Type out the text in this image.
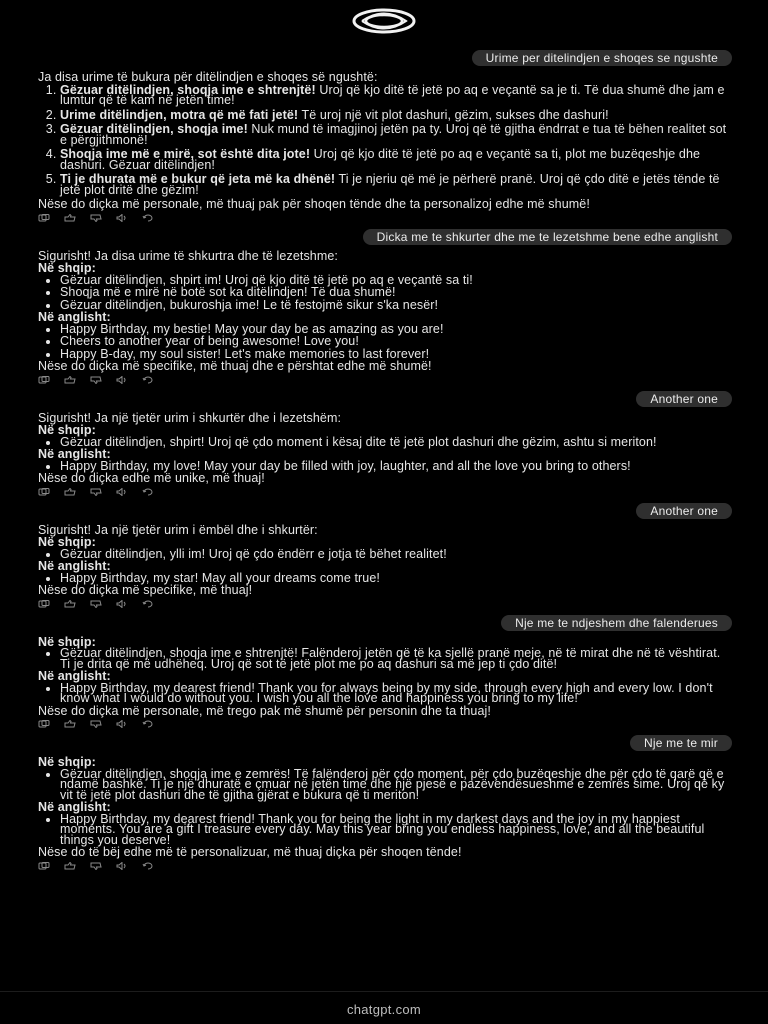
Urime per ditelindjen e shoqes se ngushte

Ja disa urime të bukura për ditëlindjen e shoqes së ngushtë:

1. Gëzuar ditëlindjen, shoqja ime e shtrenjtë! Uroj që kjo ditë të jetë po aq e veçantë sa je ti. Të dua shumë dhe jam e lumtur që të kam në jetën time!
2. Urime ditëlindjen, motra që më fati jetë! Të uroj një vit plot dashuri, gëzim, sukses dhe dashuri!
3. Gëzuar ditëlindjen, shoqja ime! Nuk mund të imagjinoj jetën pa ty. Uroj që të gjitha ëndrrat e tua të bëhen realitet sot e përgjithmonë!
4. Shoqja ime më e mirë, sot është dita jote! Uroj që kjo ditë të jetë po aq e veçantë sa ti, plot me buzëqeshje dhe dashuri. Gëzuar ditëlindjen!
5. Ti je dhurata më e bukur që jeta më ka dhënë! Ti je njeriu që më je përherë pranë. Uroj që çdo ditë e jetës tënde të jetë plot dritë dhe gëzim!

Nëse do diçka më personale, më thuaj pak për shoqen tënde dhe ta personalizoj edhe më shumë!

Dicka me te shkurter dhe me te lezetshme bene edhe anglisht

Sigurisht! Ja disa urime të shkurtra dhe të lezetshme:

Në shqip:
• Gëzuar ditëlindjen, shpirt im! Uroj që kjo ditë të jetë po aq e veçantë sa ti!
• Shoqja më e mirë në botë sot ka ditëlindjen! Të dua shumë!
• Gëzuar ditëlindjen, bukuroshja ime! Le të festojmë sikur s'ka nesër!
Në anglisht:
• Happy Birthday, my bestie! May your day be as amazing as you are!
• Cheers to another year of being awesome! Love you!
• Happy B-day, my soul sister! Let's make memories to last forever!

Nëse do diçka më specifike, më thuaj dhe e përshtat edhe më shumë!

Another one

Sigurisht! Ja një tjetër urim i shkurtër dhe i lezetshëm:

Në shqip:
• Gëzuar ditëlindjen, shpirt! Uroj që çdo moment i kësaj dite të jetë plot dashuri dhe gëzim, ashtu si meriton!
Në anglisht:
• Happy Birthday, my love! May your day be filled with joy, laughter, and all the love you bring to others!

Nëse do diçka edhe më unike, më thuaj!

Another one

Sigurisht! Ja një tjetër urim i ëmbël dhe i shkurtër:

Në shqip:
• Gëzuar ditëlindjen, ylli im! Uroj që çdo ëndërr e jotja të bëhet realitet!
Në anglisht:
• Happy Birthday, my star! May all your dreams come true!

Nëse do diçka më specifike, më thuaj!

Nje me te ndjeshem dhe falenderues
Në shqip:
• Gëzuar ditëlindjen, shoqja ime e shtrenjtë! Falënderoj jetën që të ka sjellë pranë meje, në të mirat dhe në të vështirat. Ti je drita që më udhëheq. Uroj që sot të jetë plot me po aq dashuri sa më jep ti çdo ditë!
Në anglisht:
• Happy Birthday, my dearest friend! Thank you for always being by my side, through every high and every low. I don't know what I would do without you. I wish you all the love and happiness you bring to my life!

Nëse do diçka më personale, më trego pak më shumë për personin dhe ta thuaj!

Nje me te mir
Në shqip:
• Gëzuar ditëlindjen, shoqja ime e zemrës! Të falënderoj për çdo moment, për çdo buzëqeshje dhe për çdo të qarë që e ndamë bashkë. Ti je një dhuratë e çmuar në jetën time dhe një pjesë e pazëvendësueshme e zemrës sime. Uroj që ky vit të jetë plot dashuri dhe të gjitha gjërat e bukura që ti meriton!
Në anglisht:
• Happy Birthday, my dearest friend! Thank you for being the light in my darkest days and the joy in my happiest moments. You are a gift I treasure every day. May this year bring you endless happiness, love, and all the beautiful things you deserve!

Nëse do të bëj edhe më të personalizuar, më thuaj diçka për shoqen tënde!

chatgpt.com
